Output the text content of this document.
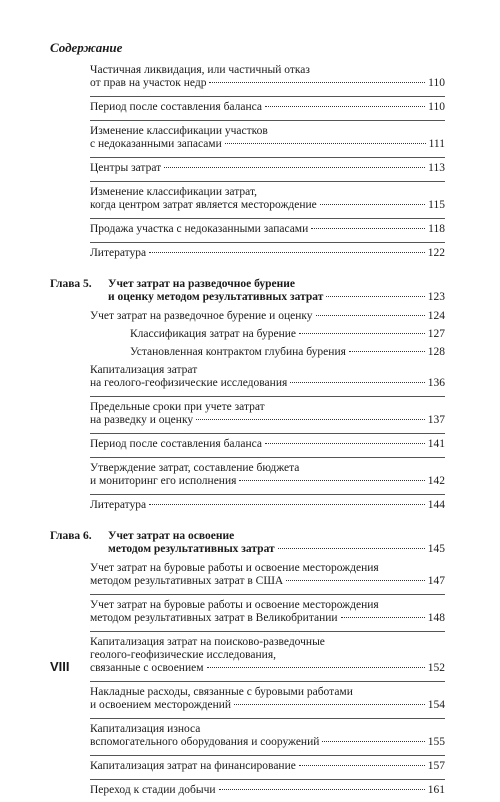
Содержание
Частичная ликвидация, или частичный отказ
от прав на участок недр	110
Период после составления баланса	110
Изменение классификации участков
с недоказанными запасами	111
Центры затрат	113
Изменение классификации затрат,
когда центром затрат является месторождение	115
Продажа участка с недоказанными запасами	118
Литература	122
Глава 5. Учет затрат на разведочное бурение
и оценку методом результативных затрат	123
Учет затрат на разведочное бурение и оценку	124
Классификация затрат на бурение	127
Установленная контрактом глубина бурения	128
Капитализация затрат
на геолого-геофизические исследования	136
Предельные сроки при учете затрат
на разведку и оценку	137
Период после составления баланса	141
Утверждение затрат, составление бюджета
и мониторинг его исполнения	142
Литература	144
Глава 6. Учет затрат на освоение
методом результативных затрат	145
Учет затрат на буровые работы и освоение месторождения
методом результативных затрат в США	147
Учет затрат на буровые работы и освоение месторождения
методом результативных затрат в Великобритании	148
Капитализация затрат на поисково-разведочные
геолого-геофизические исследования,
связанные с освоением	152
Накладные расходы, связанные с буровыми работами
и освоением месторождений	154
Капитализация износа
вспомогательного оборудования и сооружений	155
Капитализация затрат на финансирование	157
Переход к стадии добычи	161
VIII
